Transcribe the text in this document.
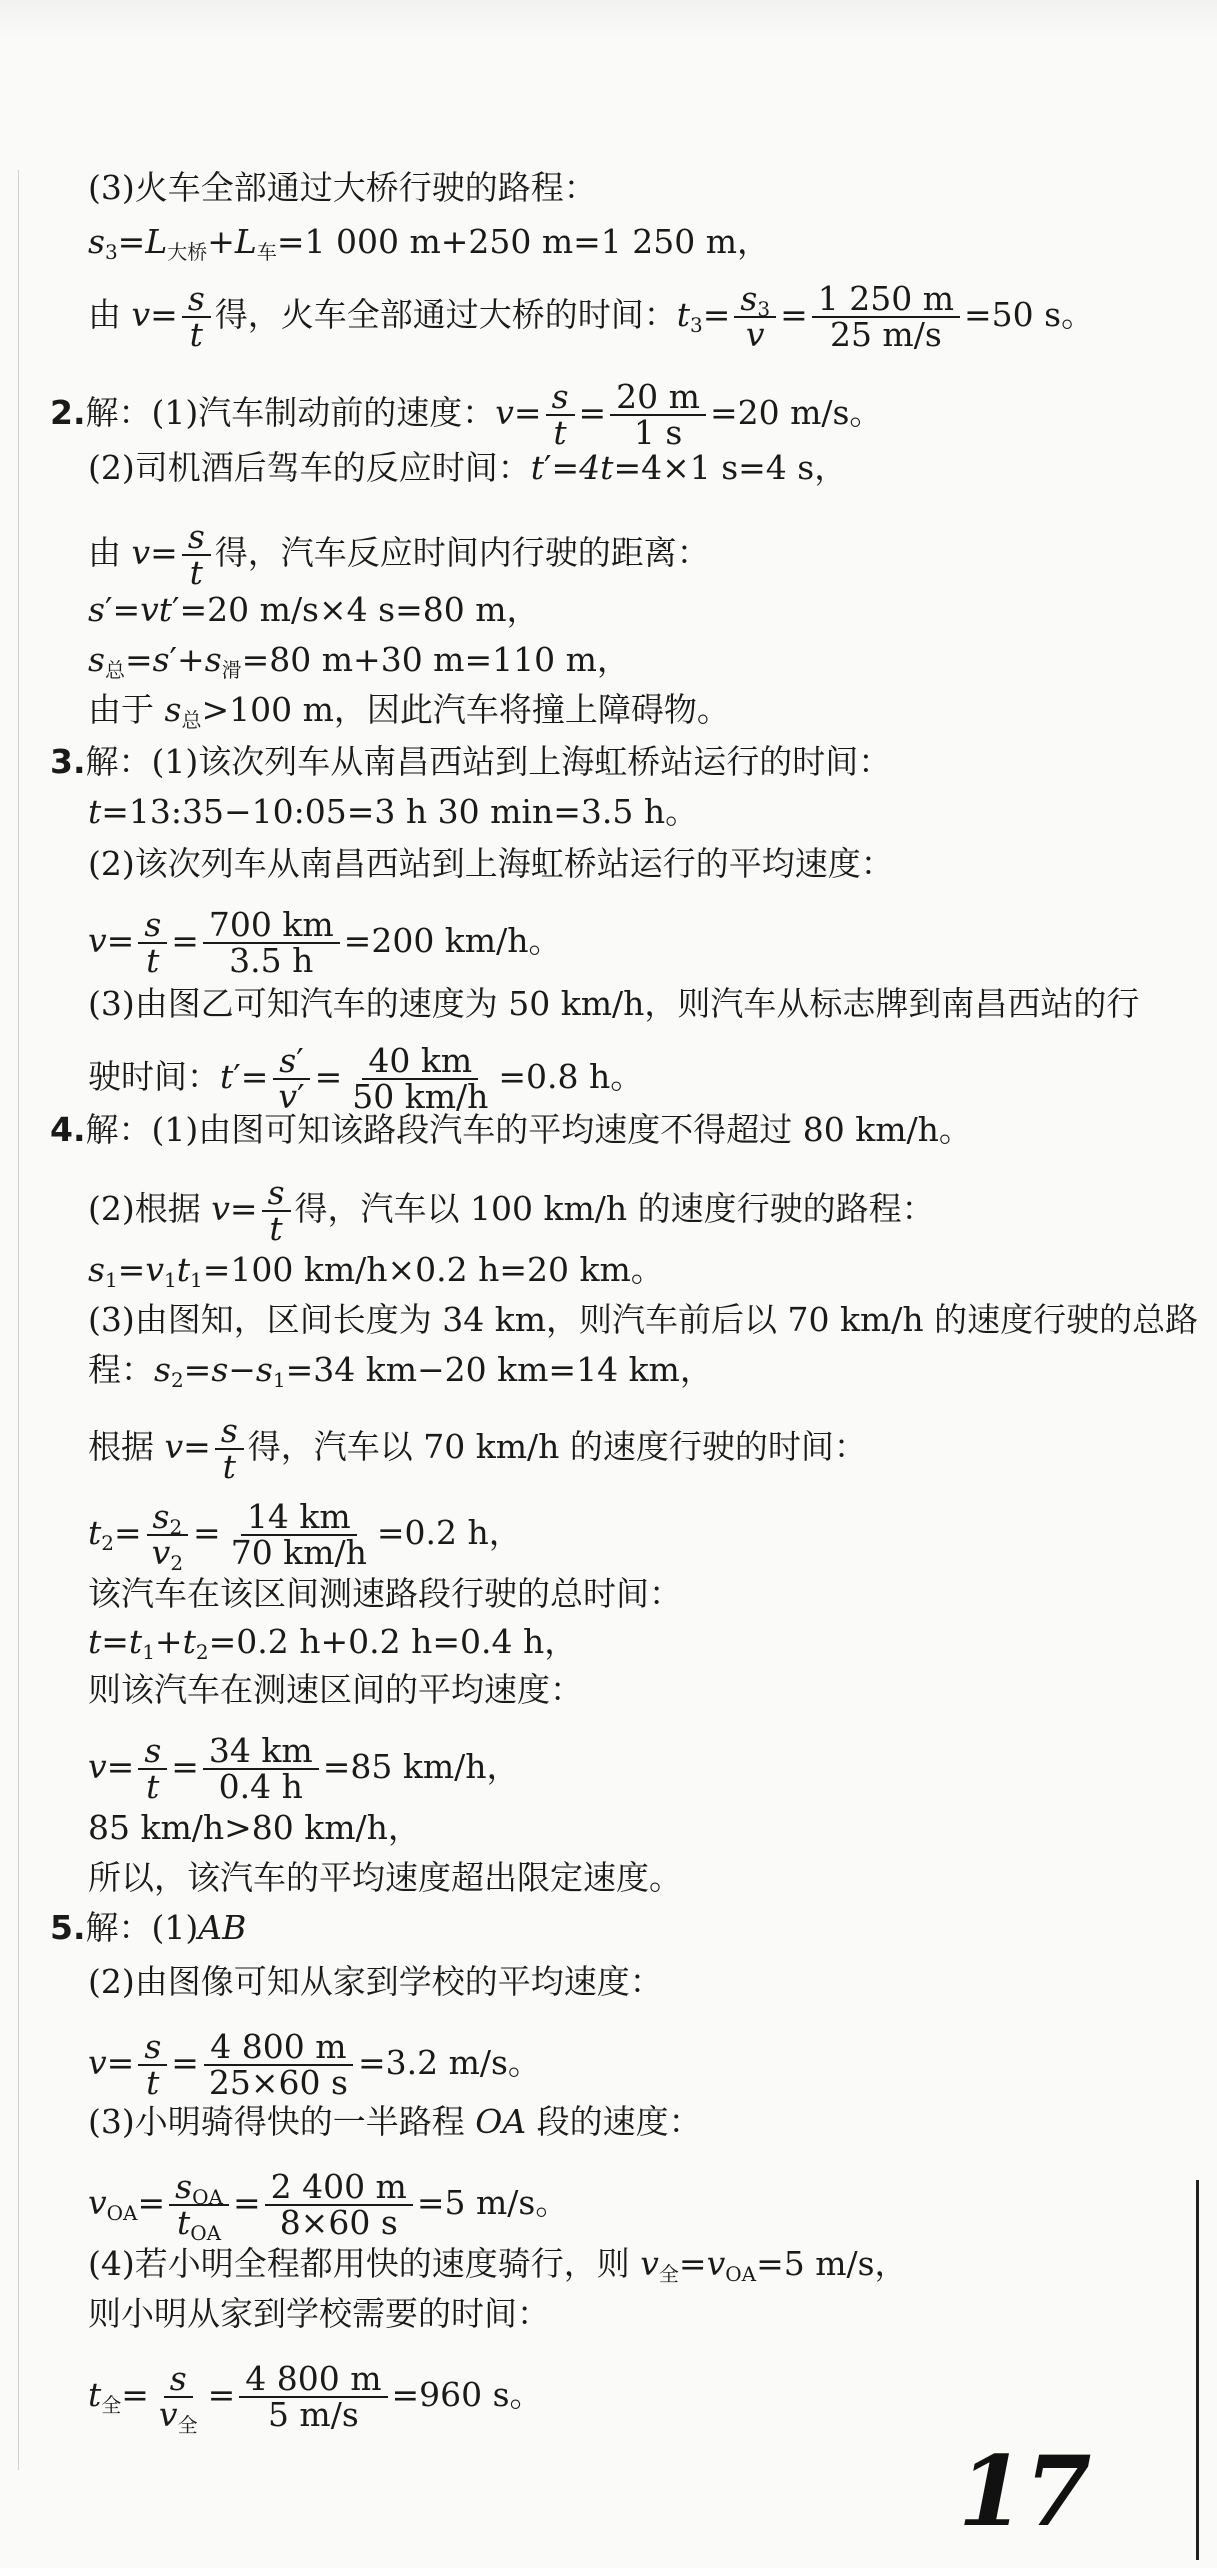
(3)火车全部通过大桥行驶的路程：
$s_3=L_{大桥}+L_车=1$ 000 m+250 m=1 250 m，
由 $v= \frac{s}{t}$ 得，火车全部通过大桥的时间：$t_3= \frac{s_3}{v} = \frac{1 250 m}{25 m/s} =50$ s。
2.解：(1)汽车制动前的速度：$v= \frac{s}{t} = \frac{20 m}{1 s} =20$ m/s。
(2)司机酒后驾车的反应时间：t′=4t=4×1 s=4 s，
由 $v= \frac{s}{t}$ 得，汽车反应时间内行驶的距离：
s′=vt′=20 m/s×4 s=80 m，
$s_总=s'+s_滑=80$ m+30 m=110 m，
由于 $s_总>100$ m，因此汽车将撞上障碍物。
3.解：(1)该次列车从南昌西站到上海虹桥站运行的时间：
t=13:35−10:05=3 h 30 min=3.5 h。
(2)该次列车从南昌西站到上海虹桥站运行的平均速度：
$v= \frac{s}{t} = \frac{700 km}{3.5 h} =200$ km/h。
(3)由图乙可知汽车的速度为 50 km/h，则汽车从标志牌到南昌西站的行
驶时间：$t'= \frac{s'}{v'} = \frac{40 km}{50 km/h} =0.8$ h。
4.解：(1)由图可知该路段汽车的平均速度不得超过 80 km/h。
(2)根据 $v= \frac{s}{t}$ 得，汽车以 100 km/h 的速度行驶的路程：
$s_1=v_1t_1=100$ km/h×0.2 h=20 km。
(3)由图知，区间长度为 34 km，则汽车前后以 70 km/h 的速度行驶的总路
程：$s_2=s-s_1=34$ km−20 km=14 km，
根据 $v= \frac{s}{t}$ 得，汽车以 70 km/h 的速度行驶的时间：
$t_2= \frac{s_2}{v_2} = \frac{14 km}{70 km/h} =0.2$ h，
该汽车在该区间测速路段行驶的总时间：
$t=t_1+t_2=0.2$ h+0.2 h=0.4 h，
则该汽车在测速区间的平均速度：
$v= \frac{s}{t} = \frac{34 km}{0.4 h} =85$ km/h，
85 km/h>80 km/h，
所以，该汽车的平均速度超出限定速度。
5.解：(1)AB
(2)由图像可知从家到学校的平均速度：
$v= \frac{s}{t} = \frac{4 800 m}{25\times 60 s} =3.2$ m/s。
(3)小明骑得快的一半路程 OA 段的速度：
$v_{OA}= \frac{s_{OA}}{t_{OA}} = \frac{2 400 m}{8\times 60 s} =5$ m/s。
(4)若小明全程都用快的速度骑行，则 $v_全=v_{OA}=5$ m/s，
则小明从家到学校需要的时间：
$t_全= \frac{s}{v_全} = \frac{4 800 m}{5 m/s} =960$ s。
17
